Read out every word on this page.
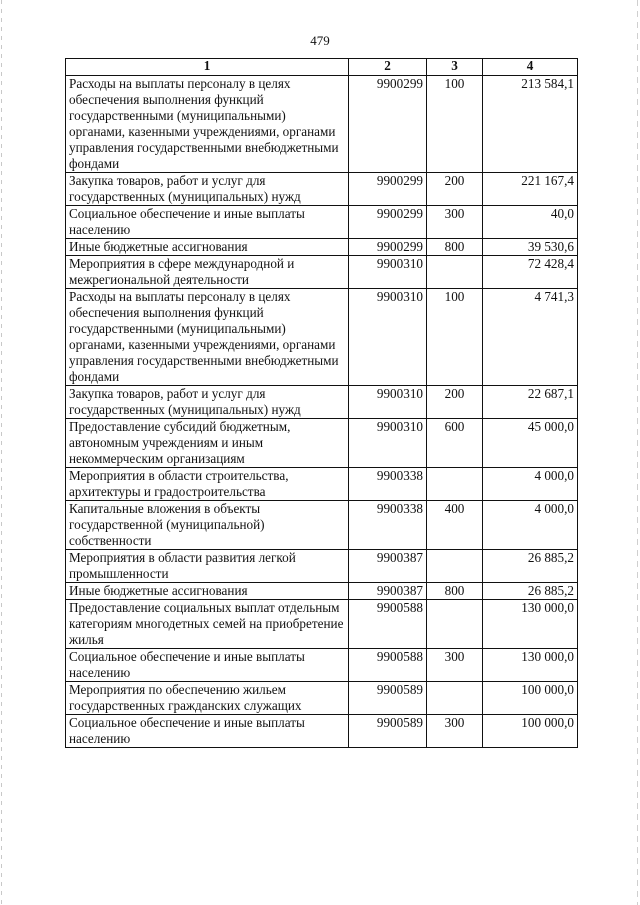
479
1	2	3	4
Расходы на выплаты персоналу в целях обеспечения выполнения функций государственными (муниципальными) органами, казенными учреждениями, органами управления государственными внебюджетными фондами	9900299	100	213 584,1
Закупка товаров, работ и услуг для государственных (муниципальных) нужд	9900299	200	221 167,4
Социальное обеспечение и иные выплаты населению	9900299	300	40,0
Иные бюджетные ассигнования	9900299	800	39 530,6
Мероприятия в сфере международной и межрегиональной деятельности	9900310		72 428,4
Расходы на выплаты персоналу в целях обеспечения выполнения функций государственными (муниципальными) органами, казенными учреждениями, органами управления государственными внебюджетными фондами	9900310	100	4 741,3
Закупка товаров, работ и услуг для государственных (муниципальных) нужд	9900310	200	22 687,1
Предоставление субсидий бюджетным, автономным учреждениям и иным некоммерческим организациям	9900310	600	45 000,0
Мероприятия в области строительства, архитектуры и градостроительства	9900338		4 000,0
Капитальные вложения в объекты государственной (муниципальной) собственности	9900338	400	4 000,0
Мероприятия в области развития легкой промышленности	9900387		26 885,2
Иные бюджетные ассигнования	9900387	800	26 885,2
Предоставление социальных выплат отдельным категориям многодетных семей на приобретение жилья	9900588		130 000,0
Социальное обеспечение и иные выплаты населению	9900588	300	130 000,0
Мероприятия по обеспечению жильем государственных гражданских служащих	9900589		100 000,0
Социальное обеспечение и иные выплаты населению	9900589	300	100 000,0
